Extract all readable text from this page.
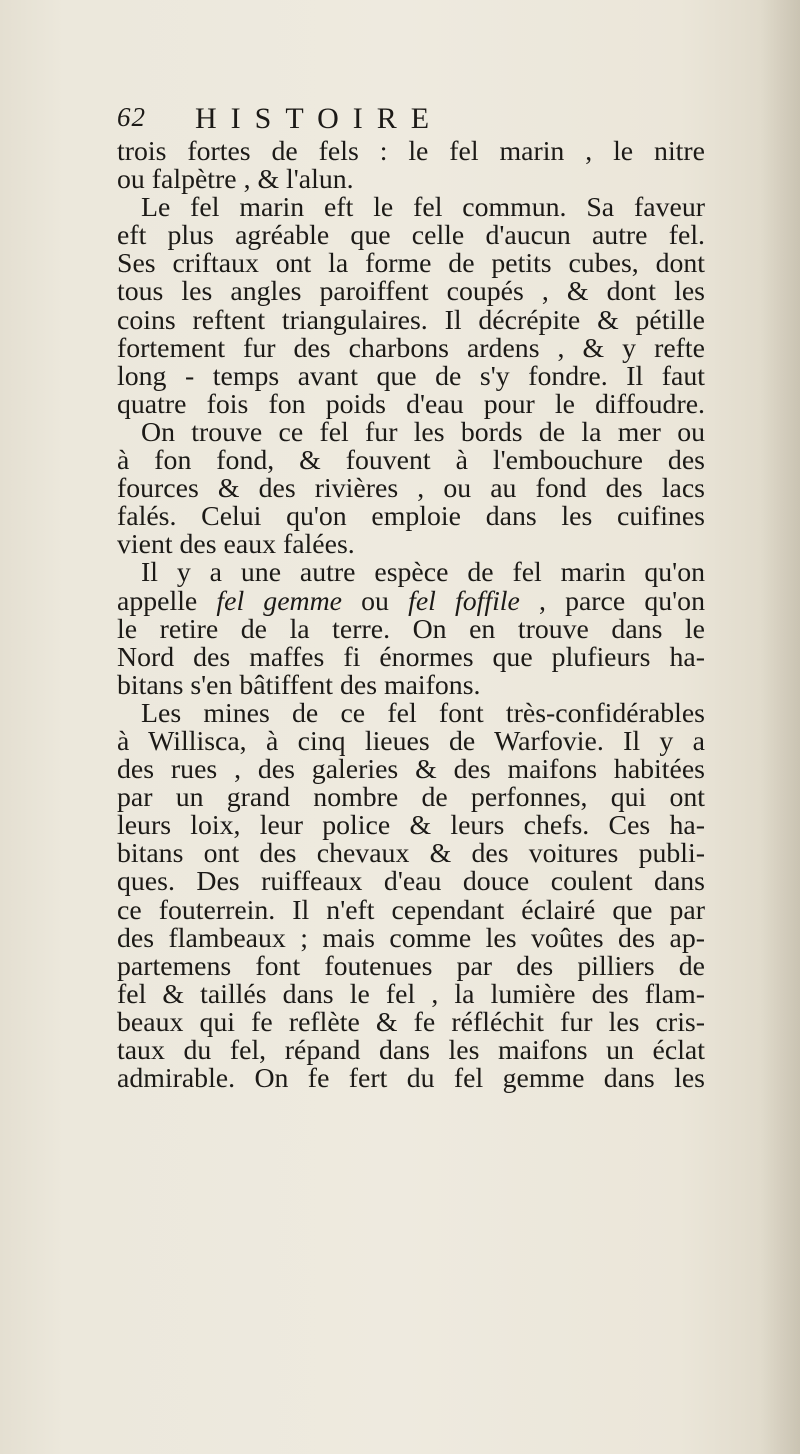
62 HISTOIRE
trois fortes de fels : le fel marin , le nitre
ou falpètre , & l'alun.
Le fel marin eft le fel commun. Sa faveur
eft plus agréable que celle d'aucun autre fel.
Ses criftaux ont la forme de petits cubes, dont
tous les angles paroiffent coupés , & dont les
coins reftent triangulaires. Il décrépite & pétille
fortement fur des charbons ardens , & y refte
long - temps avant que de s'y fondre. Il faut
quatre fois fon poids d'eau pour le diffoudre.
On trouve ce fel fur les bords de la mer ou
à fon fond, & fouvent à l'embouchure des
fources & des rivières , ou au fond des lacs
falés. Celui qu'on emploie dans les cuifines
vient des eaux falées.
Il y a une autre espèce de fel marin qu'on
appelle fel gemme ou fel foffile , parce qu'on
le retire de la terre. On en trouve dans le
Nord des maffes fi énormes que plufieurs ha-
bitans s'en bâtiffent des maifons.
Les mines de ce fel font très-confidérables
à Willisca, à cinq lieues de Warfovie. Il y a
des rues , des galeries & des maifons habitées
par un grand nombre de perfonnes, qui ont
leurs loix, leur police & leurs chefs. Ces ha-
bitans ont des chevaux & des voitures publi-
ques. Des ruiffeaux d'eau douce coulent dans
ce fouterrein. Il n'eft cependant éclairé que par
des flambeaux ; mais comme les voûtes des ap-
partemens font foutenues par des pilliers de
fel & taillés dans le fel , la lumière des flam-
beaux qui fe reflète & fe réfléchit fur les cris-
taux du fel, répand dans les maifons un éclat
admirable. On fe fert du fel gemme dans les
